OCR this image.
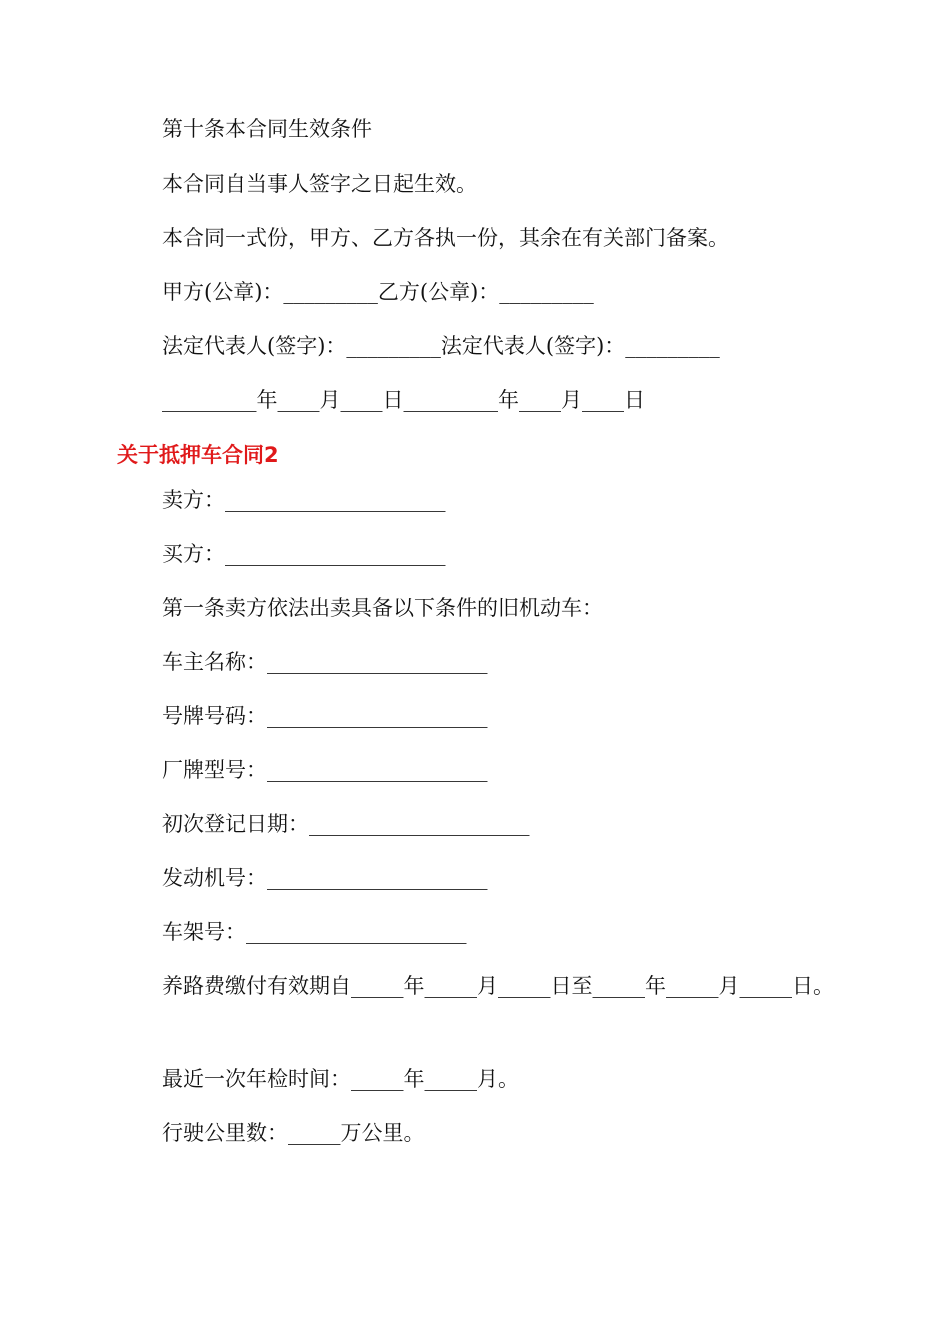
第十条本合同生效条件

本合同自当事人签字之日起生效。

本合同一式份，甲方、乙方各执一份，其余在有关部门备案。

甲方(公章)：_________乙方(公章)：_________

法定代表人(签字)：_________法定代表人(签字)：_________

_________年____月____日_________年____月____日

关于抵押车合同2

卖方：_____________________

买方：_____________________

第一条卖方依法出卖具备以下条件的旧机动车：

车主名称：_____________________

号牌号码：_____________________

厂牌型号：_____________________

初次登记日期：_____________________

发动机号：_____________________

车架号：_____________________

养路费缴付有效期自_____年_____月_____日至_____年_____月_____日。

最近一次年检时间：_____年_____月。

行驶公里数：_____万公里。
